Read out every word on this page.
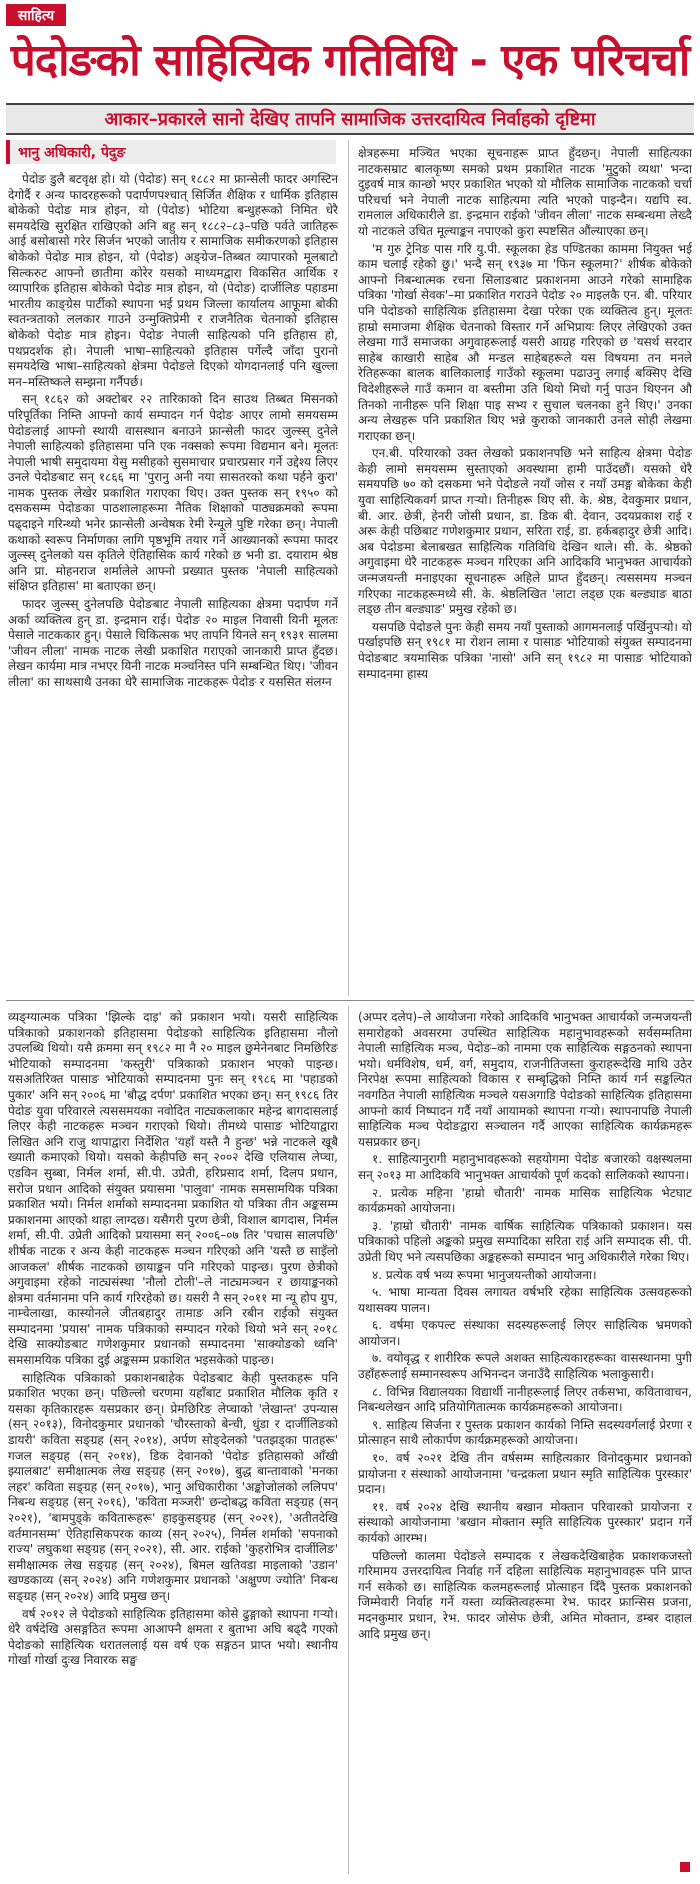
साहित्य
पेदोङको साहित्यिक गतिविधि - एक परिचर्चा
आकार–प्रकारले सानो देखिए तापनि सामाजिक उत्तरदायित्व निर्वाहको दृष्टिमा
भानु अधिकारी, पेदुङ

पेदोङ डुलै बटवृक्ष हो। यो (पेदोङ) सन् १८८२ मा फ्रान्सेली फादर अगस्टिन देगोर्दै र अन्य फादरहरूको पदार्पणपश्चात् सिर्जित शैक्षिक र धार्मिक इतिहास बोकेको पेदोङ मात्र होइन, यो (पेदोङ) भोटिया बन्धुहरूको निमित धेरै समयदेखि सुरक्षित राखिएको अनि बहु सन् १८८२–८३–पछि पर्वते जातिहरू आई बसोबासो गरेर सिर्जन भएको जातीय र सामाजिक समीकरणको इतिहास बोकेको पेदोङ मात्र होइन, यो (पेदोङ) अङ्ग्रेज–तिब्बत व्यापारको मूलबाटो सिल्करुट आफ्नो छातीमा कोरेर यसको माध्यमद्वारा विकसित आर्थिक र व्यापारिक इतिहास बोकेको पेदोङ मात्र होइन, यो (पेदोङ) दार्जीलिङ पहाडमा भारतीय काङ्ग्रेस पार्टीको स्थापना भई प्रथम जिल्ला कार्यालय आफूमा बोकी स्वतन्त्रताको ललकार गाउने उन्मुक्तिप्रेमी र राजनैतिक चेतनाको इतिहास बोकेको पेदोङ मात्र होइन। पेदोङ नेपाली साहित्यको पनि इतिहास हो, पथप्रदर्शक हो। नेपाली भाषा–साहित्यको इतिहास पर्गेल्दै जाँदा पुरानो समयदेखि भाषा–साहित्यको क्षेत्रमा पेदोङले दिएको योगदानलाई पनि खुल्ला मन–मस्तिष्कले सम्झना गर्नैपर्छ।

सन् १८६२ को अक्टोबर २२ तारिकाको दिन साउथ तिब्बत मिसनको परिपूर्तिका निम्ति आफ्नो कार्य सम्पादन गर्न पेदोङ आएर लामो समयसम्म पेदोङलाई आफ्नो स्थायी वासस्थान बनाउने फ्रान्सेली फादर जुल्स्स् दुनेले नेपाली साहित्यको इतिहासमा पनि एक नक्सको रूपमा विद्यमान बने। मूलतः नेपाली भाषी समुदायमा येसु मसीहको सुसमाचार प्रचारप्रसार गर्ने उद्देश्य लिएर उनले पेदोङबाट सन् १८६६ मा 'पुरानु अनी नया सासतरको कथा पर्हने कुरा' नामक पुस्तक लेखेर प्रकाशित गराएका थिए। उक्त पुस्तक सन् १९५० को दसकसम्म पेदोङका पाठशालाहरूमा नैतिक शिक्षाको पाठ्यक्रमको रूपमा पढ्दाइने गरिन्थ्यो भनेर फ्रान्सेली अन्वेषक रेमी रेन्यूले पुष्टि गरेका छन्। नेपाली कथाको स्वरूप निर्माणका लागि पृष्ठभूमि तयार गर्ने आख्यानको रूपमा फादर जुल्स्स् दुनेलको यस कृतिले ऐतिहासिक कार्य गरेको छ भनी डा. दयाराम श्रेष्ठ अनि प्रा. मोहनराज शर्मालेले आफ्नो प्रख्यात पुस्तक 'नेपाली साहित्यको संक्षिप्त इतिहास' मा बताएका छन्।

फादर जुल्स्स् दुनेलपछि पेदोङबाट नेपाली साहित्यका क्षेत्रमा पदार्पण गर्ने अर्का व्यक्तित्व हुन् डा. इन्द्रमान राई। पेदोङ २० माइल निवासी यिनी मूलतः पेसाले नाटककार हुन्। पेसाले चिकित्सक भए तापनि यिनले सन् १९३१ सालमा 'जीवन लीला' नामक नाटक लेखी प्रकाशित गराएको जानकारी प्राप्त हुँदछ। लेखन कार्यमा मात्र नभएर यिनी नाटक मञ्चनिस्त पनि सम्बन्धित थिए। 'जीवन लीला' का साथसाथै उनका धेरै सामाजिक नाटकहरू पेदोङ र यससित संलग्न

क्षेत्रहरूमा मञ्चित भएका सूचनाहरू प्राप्त हुँदछन्। नेपाली साहित्यका नाटकसम्राट बालकृष्ण समको प्रथम प्रकाशित नाटक 'मुटुको व्यथा' भन्दा दुइवर्ष मात्र कान्छो भएर प्रकाशित भएको यो मौलिक सामाजिक नाटकको चर्चा परिचर्चा भने नेपाली नाटक साहित्यमा त्यति भएको पाइन्दैन। यद्यपि स्व. रामलाल अधिकारीले डा. इन्द्रमान राईको 'जीवन लीला' नाटक सम्बन्धमा लेख्दै यो नाटकले उचित मूल्याङ्कन नपाएको कुरा स्पष्टसित औंल्याएका छन्।

'म गुरु ट्रेनिङ पास गरि यु.पी. स्कूलका हेड पण्डितका काममा नियुक्त भई काम चलाई रहेको छु।' भन्दै सन् १९३७ मा 'फिन स्कूलमा?' शीर्षक बोकेको आफ्नो निबन्धात्मक रचना सिलाङबाट प्रकाशनमा आउने गरेको सामाहिक पत्रिका 'गोर्खा सेवक'–मा प्रकाशित गराउने पेदोङ २० माइलकै एन. बी. परियार पनि पेदोङको साहित्यिक इतिहासमा देखा परेका एक व्यक्तित्व हुन्। मूलतः हाम्रो समाजमा शैक्षिक चेतनाको विस्तार गर्ने अभिप्रायः लिएर लेखिएको उक्त लेखमा गाउँ समाजका अगुवाहरूलाई यसरी आग्रह गरिएको छ 'यसर्थ सरदार साहेब काखारी साहेब औ मन्डल साहेबहरूले यस विषयमा तन मनले रेतिहरूका बालक बालिकालाई गाउँको स्कूलमा पढाउनु लगाई बक्सिए देखि विदेशीहरूले गाउँ कमान वा बस्तीमा उति थियो मिचो गर्नु पाउन थिएनन औ तिनको नानीहरू पनि शिक्षा पाइ सभ्य र सुचाल चलनका हुने थिए।' उनका अन्य लेखहरू पनि प्रकाशित थिए भन्ने कुराको जानकारी उनले सोही लेखमा गराएका छन्।

एन.बी. परियारको उक्त लेखको प्रकाशनपछि भने साहित्य क्षेत्रमा पेदोङ केही लामो समयसम्म सुस्ताएको अवस्थामा हामी पाउँदछौं। यसको धेरै समयपछि ७० को दसकमा भने पेदोङले नयाँ जोस र नयाँ उमङ्ग बोकेका केही युवा साहित्यिकवर्ग प्राप्त गऱ्यो। तिनीहरू थिए सी. के. श्रेष्ठ, देवकुमार प्रधान, बी. आर. छेत्री, हेनरी जोसी प्रधान, डा. डिक बी. देवान, उदयप्रकाश राई र अरू केही पछिबाट गणेशकुमार प्रधान, सरिता राई, डा. हर्कबहादुर छेत्री आदि। अब पेदोङमा बेलाबखत साहित्यिक गतिविधि देखिन थाले। सी. के. श्रेष्ठको अगुवाइमा धेरै नाटकहरू मञ्चन गरिएका अनि आदिकवि भानुभक्त आचार्यको जन्मजयन्ती मनाइएका सूचनाहरू अहिले प्राप्त हुँदछन्। त्यससमय मञ्चन गरिएका नाटकहरूमध्ये सी. के. श्रेष्ठलिखित 'लाटा लड्छ एक बल्ड्याङ बाठा लड्छ तीन बल्ड्याङ' प्रमुख रहेको छ।

यसपछि पेदोङले पुनः केही समय नयाँ पुस्ताको आगमनलाई पर्खिनुपऱ्यो। यो पर्खाइपछि सन् १९८१ मा रोशन लामा र पासाङ भोटियाको संयुक्त सम्पादनमा पेदोङबाट त्रयमासिक पत्रिका 'नासो' अनि सन् १९८२ मा पासाङ भोटियाको सम्पादनमा हास्य

व्यङ्ग्यात्मक पत्रिका 'झिल्के दाइ' को प्रकाशन भयो। यसरी साहित्यिक पत्रिकाको प्रकाशनको इतिहासमा पेदोङको साहित्यिक इतिहासमा नौलो उपलब्धि थियो। यसै क्रममा सन् १९८२ मा नै २० माइल छुमेनेनबाट निमछिरिङ भोटियाको सम्पादनमा 'कस्तुरी' पत्रिकाको प्रकाशन भएको पाइन्छ। यसअतिरिक्त पासाङ भोटियाको सम्पादनमा पुनः सन् १९८६ मा 'पहाडको पुकार' अनि सन् २००६ मा 'बौद्ध दर्पण' प्रकाशित भएका छन्। सन् १९८६ तिर पेदोङ युवा परिवारले त्यससमयका नवोदित नाट्यकलाकार महेन्द्र बागदासलाई लिएर केही नाटकहरू मञ्चन गराएको थियो। तीमध्ये पासाङ भोटियाद्वारा लिखित अनि राजु थापाद्वारा निर्देशित 'यहाँ यस्तै नै हुन्छ' भन्ने नाटकले खूबै ख्याती कमाएको थियो। यसको केहीपछि सन् २००२ देखि एलियास लेप्चा, एडविन सुब्बा, निर्मल शर्मा, सी.पी. उप्रेती, हरिप्रसाद शर्मा, दिलप प्रधान, सरोज प्रधान आदिको संयुक्त प्रयासमा 'पालुवा' नामक समसामयिक पत्रिका प्रकाशित भयो। निर्मल शर्माको सम्पादनमा प्रकाशित यो पत्रिका तीन अङ्कसम्म प्रकाशनमा आएको थाहा लाग्दछ। यसैगरी पुरण छेत्री, विशाल बागदास, निर्मल शर्मा, सी.पी. उप्रेती आदिको प्रयासमा सन् २००६–०७ तिर 'पचास सालपछि' शीर्षक नाटक र अन्य केही नाटकहरू मञ्चन गरिएको अनि 'यस्तै छ साइँलो आजकल' शीर्षक नाटकको छायाङ्कन पनि गरिएको पाइन्छ। पुरण छेत्रीको अगुवाइमा रहेको नाट्यसंस्था 'नौलो टोली'–ले नाट्यमञ्चन र छायाङ्कनको क्षेत्रमा वर्तमानमा पनि कार्य गरिरहेको छ। यसरी नै सन् २०११ मा न्यू होप ग्रुप, नाम्चेलाखा, कास्योनले जीतबहादुर तामाङ अनि रबीन राईको संयुक्त सम्पादनमा 'प्रयास' नामक पत्रिकाको सम्पादन गरेको थियो भने सन् २०१८ देखि साक्योङबाट गणेशकुमार प्रधानको सम्पादनमा 'साक्योङको ध्वनि' समसामयिक पत्रिका दुई अङ्कसम्म प्रकाशित भइसकेको पाइन्छ।

साहित्यिक पत्रिकाको प्रकाशनबाहेक पेदोङबाट केही पुस्तकहरू पनि प्रकाशित भएका छन्। पछिल्लो चरणमा यहाँबाट प्रकाशित मौलिक कृति र यसका कृतिकारहरू यसप्रकार छन्। प्रेमछिरिङ लेप्चाको 'लेखान्त' उपन्यास (सन् २०१३), विनोदकुमार प्रधानको 'चौरस्ताको बेन्ची, धुंडा र दार्जीलिङको डायरी' कविता सङ्ग्रह (सन् २०१४), अर्पण सोङ्देलको 'पतझड्का पातहरू' गजल सङ्ग्रह (सन् २०१४), डिक देवानको 'पेदोङ इतिहासको आँखी झ्यालबाट' समीक्षात्मक लेख सङ्ग्रह (सन् २०१७), बुद्ध बान्तावाको 'मनका लहर' कविता सङ्ग्रह (सन् २०१७), भानु अधिकारीका 'अङ्कोजोलको ललिपप' निबन्ध सङ्ग्रह (सन् २०१६), 'कविता मञ्जरी' छन्दोबद्ध कविता सङ्ग्रह (सन् २०२१), 'बामपुड्के कवितारूहरू' हाइकुसङ्ग्रह (सन् २०२१), 'अतीतदेखि वर्तमानसम्म' ऐतिहासिकपरक काव्य (सन् २०२५), निर्मल शर्माको 'सपनाको राज्य' लघुकथा सङ्ग्रह (सन् २०२१), सी. आर. राईको 'कुहरोभित्र दार्जीलिङ' समीक्षात्मक लेख सङ्ग्रह (सन् २०२४), बिमल खतिवडा माइलाको 'उडान' खण्डकाव्य (सन् २०२४) अनि गणेशकुमार प्रधानको 'अक्षुण्ण ज्योति' निबन्ध सङ्ग्रह (सन् २०२४) आदि प्रमुख छन्।

वर्ष २०१२ ले पेदोङको साहित्यिक इतिहासमा कोसे ढुङ्गाको स्थापना गऱ्यो। धेरै वर्षदेखि असङ्गठित रूपमा आआफ्नै क्षमता र बुताभा अघि बढ्दै गएको पेदोङको साहित्यिक धरातललाई यस वर्ष एक सङ्गठन प्राप्त भयो। स्थानीय गोर्खा गोर्खा दुःख निवारक सङ्घ

(अप्पर दलेप)–ले आयोजना गरेको आदिकवि भानुभक्त आचार्यको जन्मजयन्ती समारोहको अवसरमा उपस्थित साहित्यिक महानुभावहरूको सर्वसम्मतिमा नेपाली साहित्यिक मञ्च, पेदोङ–को नाममा एक साहित्यिक सङ्गठनको स्थापना भयो। धर्मविशेष, धर्म, वर्ग, समुदाय, राजनीतिजस्ता कुराहरूदेखि माथि उठेर निरपेक्ष रूपमा साहित्यको विकास र सम्बृद्धिको निम्ति कार्य गर्न सङ्कल्पित नवगठित नेपाली साहित्यिक मञ्चले यसअगाडि पेदोङको साहित्यिक इतिहासमा आफ्नो कार्य निष्पादन गर्दै नयाँ आयामको स्थापना गऱ्यो। स्थापनापछि नेपाली साहित्यिक मञ्च पेदोङद्वारा सञ्चालन गर्दै आएका साहित्यिक कार्यक्रमहरू यसप्रकार छन्।

१. साहित्यानुरागी महानुभावहरूको सहयोगमा पेदोङ बजारको वक्षस्थलमा सन् २०१३ मा आदिकवि भानुभक्त आचार्यको पूर्ण कदको सालिकको स्थापना।

२. प्रत्येक महिना 'हाम्रो चौतारी' नामक मासिक साहित्यिक भेटघाट कार्यक्रमको आयोजना।

३. 'हाम्रो चौतारी' नामक वार्षिक साहित्यिक पत्रिकाको प्रकाशन। यस पत्रिकाको पहिलो अङ्कको प्रमुख सम्पादिका सरिता राई अनि सम्पादक सी. पी. उप्रेती थिए भने त्यसपछिका अङ्कहरूको सम्पादन भानु अधिकारीले गरेका थिए।

४. प्रत्येक वर्ष भव्य रूपमा भानुजयन्तीको आयोजना।

५. भाषा मान्यता दिवस लगायत वर्षभरि रहेका साहित्यिक उत्सवहरूको यथासक्य पालन।

६. वर्षमा एकपल्ट संस्थाका सदस्यहरूलाई लिएर साहित्यिक भ्रमणको आयोजन।

७. वयोवृद्ध र शारीरिक रूपले अशक्त साहित्यकारहरूका वासस्थानमा पुगी उहाँहरूलाई सम्मानस्वरूप अभिनन्दन जनाउँदै साहित्यिक भलाकुसारी।

८. विभिन्न विद्यालयका विद्यार्थी नानीहरूलाई लिएर तर्कसभा, कवितावाचन, निबन्धलेखन आदि प्रतियोगितात्मक कार्यक्रमहरूको आयोजना।

९. साहित्य सिर्जना र पुस्तक प्रकाशन कार्यको निम्ति सदस्यवर्गलाई प्रेरणा र प्रोत्साहन साथै लोकार्पण कार्यक्रमहरूको आयोजना।

१०. वर्ष २०२१ देखि तीन वर्षसम्म साहित्यकार विनोदकुमार प्रधानको प्रायोजना र संस्थाको आयोजनामा 'चन्द्रकला प्रधान स्मृति साहित्यिक पुरस्कार' प्रदान।

११. वर्ष २०२४ देखि स्थानीय बखान मोक्तान परिवारको प्रायोजना र संस्थाको आयोजनामा 'बखान मोक्तान स्मृति साहित्यिक पुरस्कार' प्रदान गर्ने कार्यको आरम्भ।

पछिल्लो कालमा पेदोङले सम्पादक र लेखकदेखिबाहेक प्रकाशकजस्तो गरिमामय उत्तरदायित्व निर्वाह गर्ने दहिला साहित्यिक महानुभावहरू पनि प्राप्त गर्न सकेको छ। साहित्यिक कलमहरूलाई प्रोत्साहन दिँदै पुस्तक प्रकाशनको जिम्मेवारी निर्वाह गर्ने यस्ता व्यक्तित्वहरूमा रेभ. फादर फ्रान्सिस प्रजना, मदनकुमार प्रधान, रेभ. फादर जोसेफ छेत्री, अमित मोक्तान, डम्बर दाहाल आदि प्रमुख छन्।
